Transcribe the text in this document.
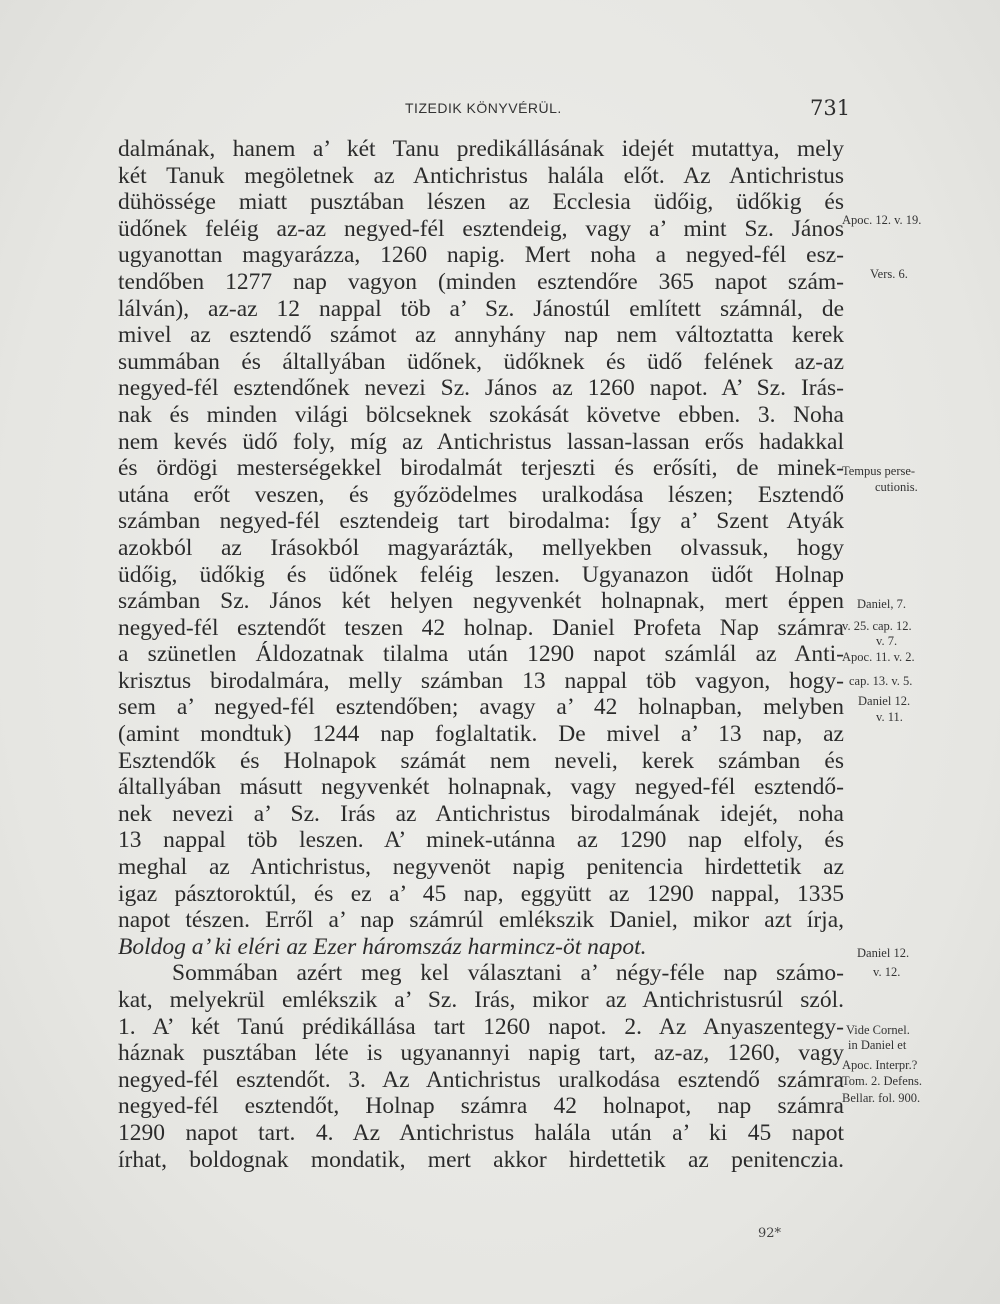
TIZEDIK KÖNYVÉRÜL.	731
dalmának, hanem a’ két Tanu predikállásának idejét mutattya, mely
két Tanuk megöletnek az Antichristus halála előt. Az Antichristus
dühössége miatt pusztában lészen az Ecclesia üdőig, üdőkig és
üdőnek feléig az-az negyed-fél esztendeig, vagy a’ mint Sz. János
ugyanottan magyarázza, 1260 napig. Mert noha a negyed-fél esz-
tendőben 1277 nap vagyon (minden esztendőre 365 napot szám-
lálván), az-az 12 nappal töb a’ Sz. Jánostúl említett számnál, de
mivel az esztendő számot az annyhány nap nem változtatta kerek
summában és általlyában üdőnek, üdőknek és üdő felének az-az
negyed-fél esztendőnek nevezi Sz. János az 1260 napot. A’ Sz. Irás-
nak és minden világi bölcseknek szokását követve ebben. 3. Noha
nem kevés üdő foly, míg az Antichristus lassan-lassan erős hadakkal
és ördögi mesterségekkel birodalmát terjeszti és erősíti, de minek-
utána erőt veszen, és győzödelmes uralkodása lészen; Esztendő
számban negyed-fél esztendeig tart birodalma: Így a’ Szent Atyák
azokból az Irásokból magyarázták, mellyekben olvassuk, hogy
üdőig, üdőkig és üdőnek feléig leszen. Ugyanazon üdőt Holnap
számban Sz. János két helyen negyvenkét holnapnak, mert éppen
negyed-fél esztendőt teszen 42 holnap. Daniel Profeta Nap számra
a szünetlen Áldozatnak tilalma után 1290 napot számlál az Anti-
krisztus birodalmára, melly számban 13 nappal töb vagyon, hogy-
sem a’ negyed-fél esztendőben; avagy a’ 42 holnapban, melyben
(amint mondtuk) 1244 nap foglaltatik. De mivel a’ 13 nap, az
Esztendők és Holnapok számát nem neveli, kerek számban és
általlyában másutt negyvenkét holnapnak, vagy negyed-fél esztendő-
nek nevezi a’ Sz. Irás az Antichristus birodalmának idejét, noha
13 nappal töb leszen. A’ minek-utánna az 1290 nap elfoly, és
meghal az Antichristus, negyvenöt napig penitencia hirdettetik az
igaz pásztoroktúl, és ez a’ 45 nap, eggyütt az 1290 nappal, 1335
napot tészen. Erről a’ nap számrúl emlékszik Daniel, mikor azt írja,
Boldog a’ ki eléri az Ezer háromszáz harmincz-öt napot.
Sommában azért meg kel választani a’ négy-féle nap számo-
kat, melyekrül emlékszik a’ Sz. Irás, mikor az Antichristusrúl szól.
1. A’ két Tanú prédikállása tart 1260 napot. 2. Az Anyaszentegy-
háznak pusztában léte is ugyanannyi napig tart, az-az, 1260, vagy
negyed-fél esztendőt. 3. Az Antichristus uralkodása esztendő számra
negyed-fél esztendőt, Holnap számra 42 holnapot, nap számra
1290 napot tart. 4. Az Antichristus halála után a’ ki 45 napot
írhat, boldognak mondatik, mert akkor hirdettetik az penitenczia.
Apoc. 12. v. 19.
Vers. 6.
Tempus perse-
cutionis.
Daniel, 7.
v. 25. cap. 12.
v. 7.
Apoc. 11. v. 2.
cap. 13. v. 5.
Daniel 12.
v. 11.
Daniel 12.
v. 12.
Vide Cornel.
in Daniel et
Apoc. Interpr.?
Tom. 2. Defens.
Bellar. fol. 900.
92*
